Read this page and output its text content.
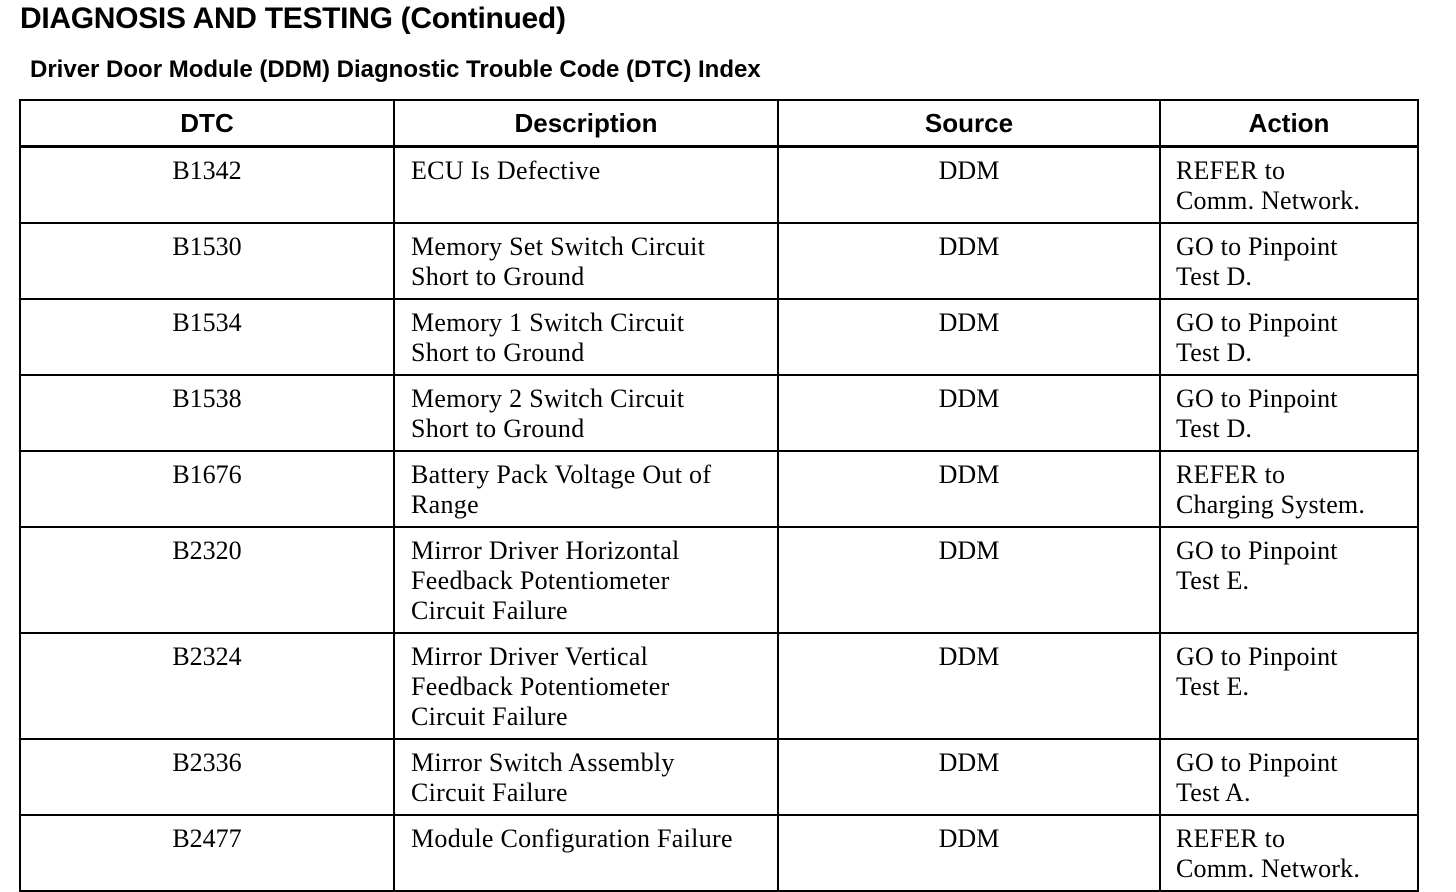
DIAGNOSIS AND TESTING (Continued)
Driver Door Module (DDM) Diagnostic Trouble Code (DTC) Index
DTC	Description	Source	Action
B1342	ECU Is Defective	DDM	REFER to
Comm. Network.

B1530	Memory Set Switch Circuit
Short to Ground	DDM	GO to Pinpoint
Test D.

B1534	Memory 1 Switch Circuit
Short to Ground	DDM	GO to Pinpoint
Test D.

B1538	Memory 2 Switch Circuit
Short to Ground	DDM	GO to Pinpoint
Test D.

B1676	Battery Pack Voltage Out of
Range	DDM	REFER to
Charging System.

B2320	Mirror Driver Horizontal
Feedback Potentiometer
Circuit Failure	DDM	GO to Pinpoint
Test E.

B2324	Mirror Driver Vertical
Feedback Potentiometer
Circuit Failure	DDM	GO to Pinpoint
Test E.

B2336	Mirror Switch Assembly
Circuit Failure	DDM	GO to Pinpoint
Test A.

B2477	Module Configuration Failure	DDM	REFER to
Comm. Network.
